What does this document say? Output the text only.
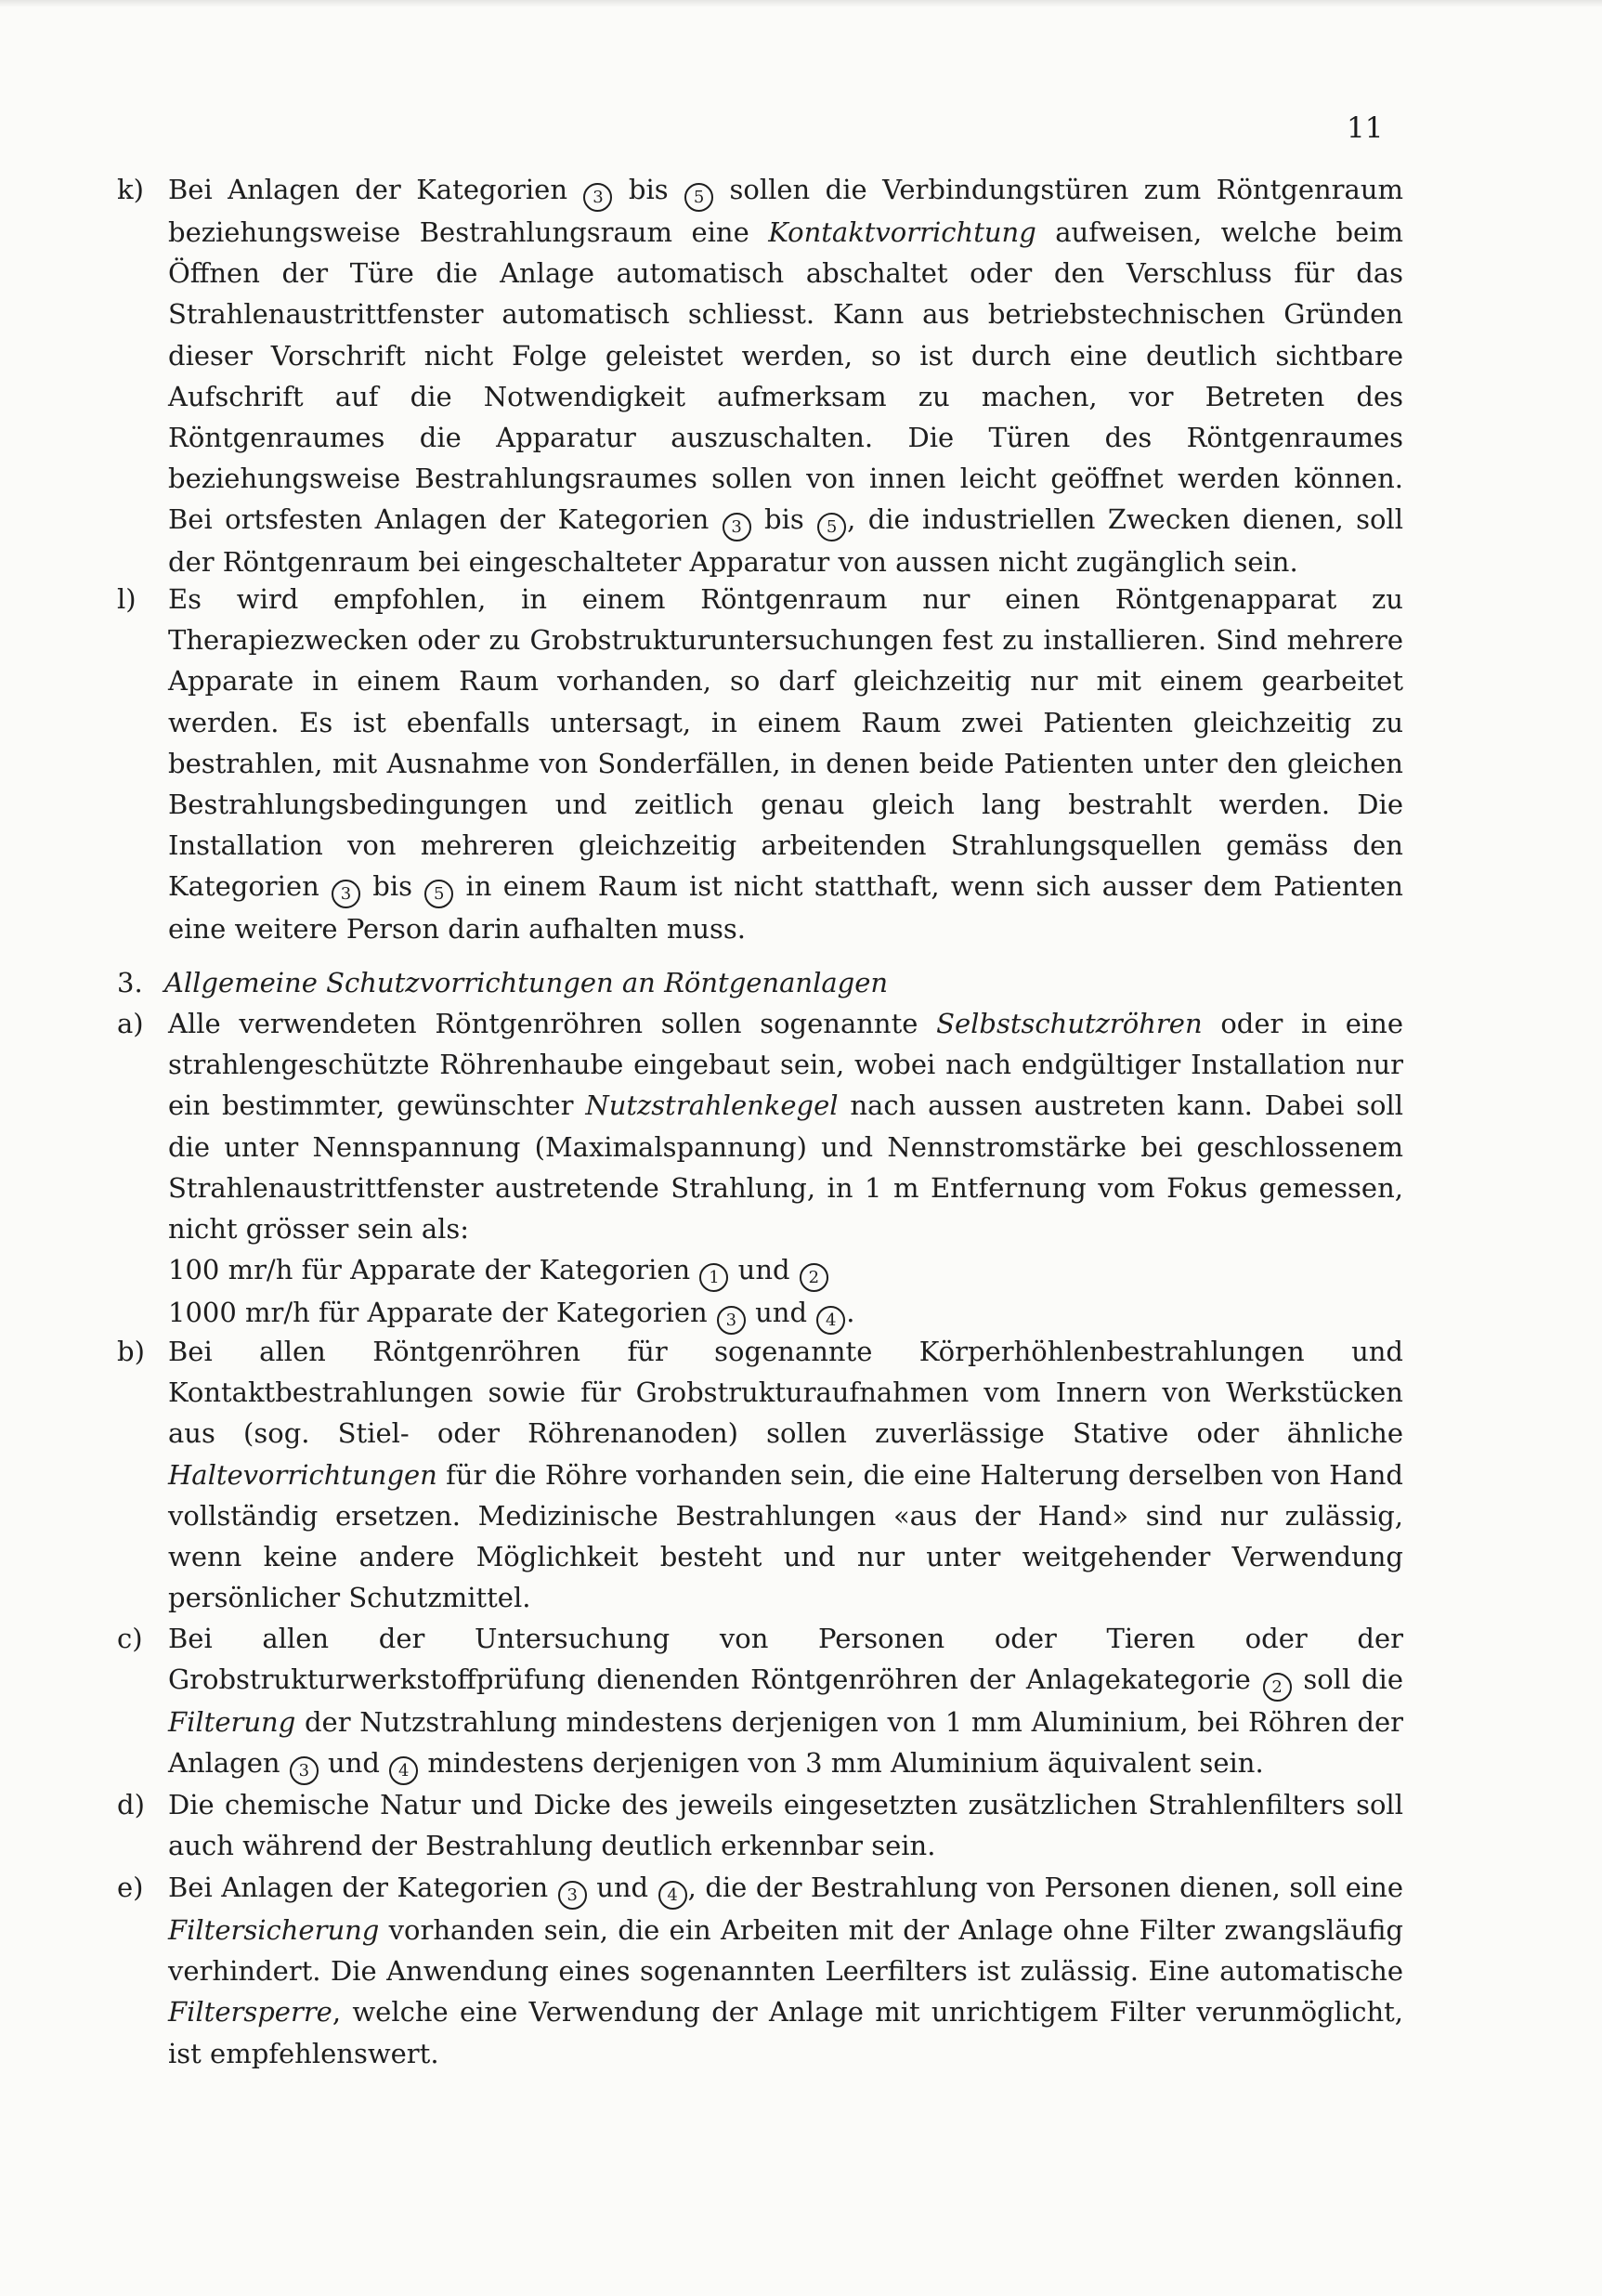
11
k) Bei Anlagen der Kategorien 3 bis 5 sollen die Verbindungstüren zum Röntgenraum beziehungsweise Bestrahlungsraum eine Kontaktvorrichtung aufweisen, welche beim Öffnen der Türe die Anlage automatisch abschaltet oder den Verschluss für das Strahlenaustrittfenster automatisch schliesst. Kann aus betriebstechnischen Gründen dieser Vorschrift nicht Folge geleistet werden, so ist durch eine deutlich sichtbare Aufschrift auf die Notwendigkeit aufmerksam zu machen, vor Betreten des Röntgenraumes die Apparatur auszuschalten. Die Türen des Röntgenraumes beziehungsweise Bestrahlungsraumes sollen von innen leicht geöffnet werden können. Bei ortsfesten Anlagen der Kategorien 3 bis 5 , die industriellen Zwecken dienen, soll der Röntgenraum bei eingeschalteter Apparatur von aussen nicht zugänglich sein.
l)	Es wird empfohlen, in einem Röntgenraum nur einen Röntgenapparat zu Therapiezwecken oder zu Grobstrukturuntersuchungen fest zu installieren. Sind mehrere Apparate in einem Raum vorhanden, so darf gleichzeitig nur mit einem gearbeitet werden. Es ist ebenfalls untersagt, in einem Raum zwei Patienten gleichzeitig zu bestrahlen, mit Ausnahme von Sonderfällen, in denen beide Patienten unter den gleichen Bestrahlungsbedingungen und zeitlich genau gleich lang bestrahlt werden. Die Installation von mehreren gleichzeitig arbeitenden Strahlungsquellen gemäss den Kategorien 3 bis 5 in einem Raum ist nicht statthaft, wenn sich ausser dem Patienten eine weitere Person darin aufhalten muss.
3. Allgemeine Schutzvorrichtungen an Röntgenanlagen
a) Alle verwendeten Röntgenröhren sollen sogenannte Selbstschutzröhren oder in eine strahlengeschützte Röhrenhaube eingebaut sein, wobei nach endgültiger Installation nur ein bestimmter, gewünschter Nutzstrahlenkegel nach aussen austreten kann. Dabei soll die unter Nennspannung (Maximalspannung) und Nennstromstärke bei geschlossenem Strahlenaustrittfenster austretende Strahlung, in 1 m Entfernung vom Fokus gemessen, nicht grösser sein als:
100 mr/h für Apparate der Kategorien 1 und 2
1000 mr/h für Apparate der Kategorien 3 und 4 .
b) Bei allen Röntgenröhren für sogenannte Körperhöhlenbestrahlungen und Kontaktbestrahlungen sowie für Grobstrukturaufnahmen vom Innern von Werkstücken aus (sog. Stiel- oder Röhrenanoden) sollen zuverlässige Stative oder ähnliche Haltevorrichtungen für die Röhre vorhanden sein, die eine Halterung derselben von Hand vollständig ersetzen. Medizinische Bestrahlungen «aus der Hand» sind nur zulässig, wenn keine andere Möglichkeit besteht und nur unter weitgehender Verwendung persönlicher Schutzmittel.
c) Bei allen der Untersuchung von Personen oder Tieren oder der Grobstrukturwerkstoffprüfung dienenden Röntgenröhren der Anlagekategorie 2 soll die Filterung der Nutzstrahlung mindestens derjenigen von 1 mm Aluminium, bei Röhren der Anlagen 3 und 4 mindestens derjenigen von 3 mm Aluminium äquivalent sein.
d) Die chemische Natur und Dicke des jeweils eingesetzten zusätzlichen Strahlenfilters soll auch während der Bestrahlung deutlich erkennbar sein.
e) Bei Anlagen der Kategorien 3 und 4 , die der Bestrahlung von Personen dienen, soll eine Filtersicherung vorhanden sein, die ein Arbeiten mit der Anlage ohne Filter zwangsläufig verhindert. Die Anwendung eines sogenannten Leerfilters ist zulässig. Eine automatische Filtersperre, welche eine Verwendung der Anlage mit unrichtigem Filter verunmöglicht, ist empfehlenswert.
